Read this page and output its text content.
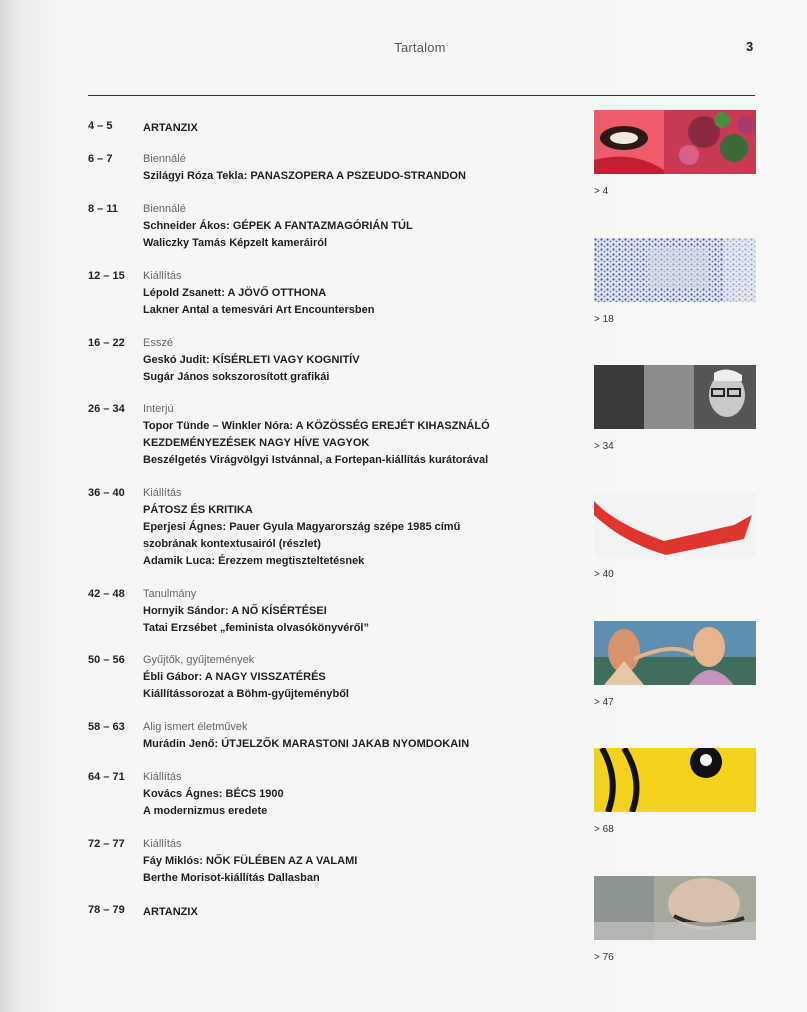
Tartalom	3
4 – 5	ARTANZIX
6 – 7	Biennálé
Szilágyi Róza Tekla: PANASZOPERA A PSZEUDO-STRANDON
8 – 11	Biennálé
Schneider Ákos: GÉPEK A FANTAZMAGÓRIÁN TÚL
Waliczky Tamás Képzelt kameráiról
12 – 15	Kiállítás
Lépold Zsanett: A JÖVŐ OTTHONA
Lakner Antal a temesvári Art Encountersben
16 – 22	Esszé
Geskó Judit: KÍSÉRLETI VAGY KOGNITÍV
Sugár János sokszorosított grafikái
26 – 34	Interjú
Topor Tünde – Winkler Nóra: A KÖZÖSSÉG EREJÉT KIHASZNÁLÓ
KEZDEMÉNYEZÉSEK NAGY HÍVE VAGYOK
Beszélgetés Virágvölgyi Istvánnal, a Fortepan-kiállítás kurátorával
36 – 40	Kiállítás
PÁTOSZ ÉS KRITIKA
Eperjesi Ágnes: Pauer Gyula Magyarország szépe 1985 című
szobrának kontextusairól (részlet)
Adamik Luca: Érezzem megtiszteltetésnek
42 – 48	Tanulmány
Hornyik Sándor: A NŐ KÍSÉRTÉSEI
Tatai Erzsébet „feminista olvasókönyvéről”
50 – 56	Gyűjtők, gyűjtemények
Ébli Gábor: A NAGY VISSZATÉRÉS
Kiállítássorozat a Böhm-gyűjteményből
58 – 63	Alig ismert életművek
Murádin Jenő: ÚTJELZŐK MARASTONI JAKAB NYOMDOKAIN
64 – 71	Kiállítás
Kovács Ágnes: BÉCS 1900
A modernizmus eredete
72 – 77	Kiállítás
Fáy Miklós: NŐK FÜLÉBEN AZ A VALAMI
Berthe Morisot-kiállítás Dallasban
78 – 79	ARTANZIX
> 4
> 18
> 34
> 40
> 47
> 68
> 76
